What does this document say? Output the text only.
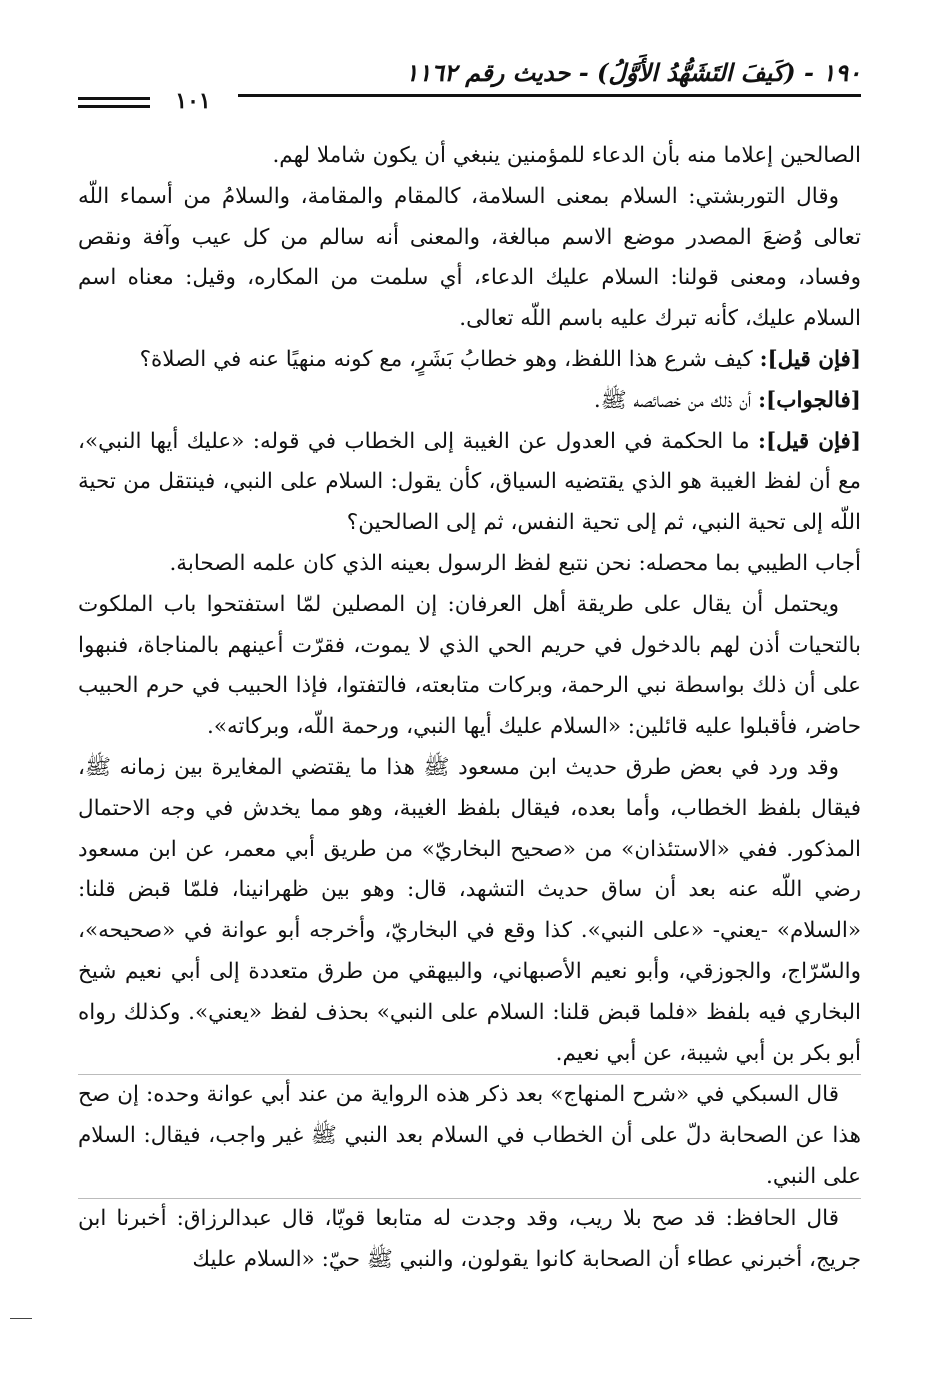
١٩٠ - (كَيفَ التَشَهُّدُ الأَوَّلُ) - حديث رقم ١١٦٢
١٠١

الصالحين إعلاما منه بأن الدعاء للمؤمنين ينبغي أن يكون شاملا لهم.

وقال التوربشتي: السلام بمعنى السلامة، كالمقام والمقامة، والسلامُ من أسماء اللّه تعالى وُضعَ المصدر موضع الاسم مبالغة، والمعنى أنه سالم من كل عيب وآفة ونقص وفساد، ومعنى قولنا: السلام عليك الدعاء، أي سلمت من المكاره، وقيل: معناه اسم السلام عليك، كأنه تبرك عليه باسم اللّه تعالى.

[فإن قيل]: كيف شرع هذا اللفظ، وهو خطابُ بَشَرٍ، مع كونه منهيًا عنه في الصلاة؟

[فالجواب]: أن ذلك من خصائصه ﷺ.

[فإن قيل]: ما الحكمة في العدول عن الغيبة إلى الخطاب في قوله: «عليك أيها النبي»، مع أن لفظ الغيبة هو الذي يقتضيه السياق، كأن يقول: السلام على النبي، فينتقل من تحية اللّه إلى تحية النبي، ثم إلى تحية النفس، ثم إلى الصالحين؟

أجاب الطيبي بما محصله: نحن نتبع لفظ الرسول بعينه الذي كان علمه الصحابة.

ويحتمل أن يقال على طريقة أهل العرفان: إن المصلين لمّا استفتحوا باب الملكوت بالتحيات أذن لهم بالدخول في حريم الحي الذي لا يموت، فقرّت أعينهم بالمناجاة، فنبهوا على أن ذلك بواسطة نبي الرحمة، وبركات متابعته، فالتفتوا، فإذا الحبيب في حرم الحبيب حاضر، فأقبلوا عليه قائلين: «السلام عليك أيها النبي، ورحمة اللّه، وبركاته».

وقد ورد في بعض طرق حديث ابن مسعود ﷺ هذا ما يقتضي المغايرة بين زمانه ﷺ، فيقال بلفظ الخطاب، وأما بعده، فيقال بلفظ الغيبة، وهو مما يخدش في وجه الاحتمال المذكور. ففي «الاستئذان» من «صحيح البخاريّ» من طريق أبي معمر، عن ابن مسعود رضي اللّه عنه بعد أن ساق حديث التشهد، قال: وهو بين ظهرانينا، فلمّا قبض قلنا: «السلام» -يعني- «على النبي». كذا وقع في البخاريّ، وأخرجه أبو عوانة في «صحيحه»، والسّرّاج، والجوزقي، وأبو نعيم الأصبهاني، والبيهقي من طرق متعددة إلى أبي نعيم شيخ البخاري فيه بلفظ «فلما قبض قلنا: السلام على النبي» بحذف لفظ «يعني». وكذلك رواه أبو بكر بن أبي شيبة، عن أبي نعيم.

قال السبكي في «شرح المنهاج» بعد ذكر هذه الرواية من عند أبي عوانة وحده: إن صح هذا عن الصحابة دلّ على أن الخطاب في السلام بعد النبي ﷺ غير واجب، فيقال: السلام على النبي.

قال الحافظ: قد صح بلا ريب، وقد وجدت له متابعا قويّا، قال عبدالرزاق: أخبرنا ابن جريج، أخبرني عطاء أن الصحابة كانوا يقولون، والنبي ﷺ حيّ: «السلام عليك
